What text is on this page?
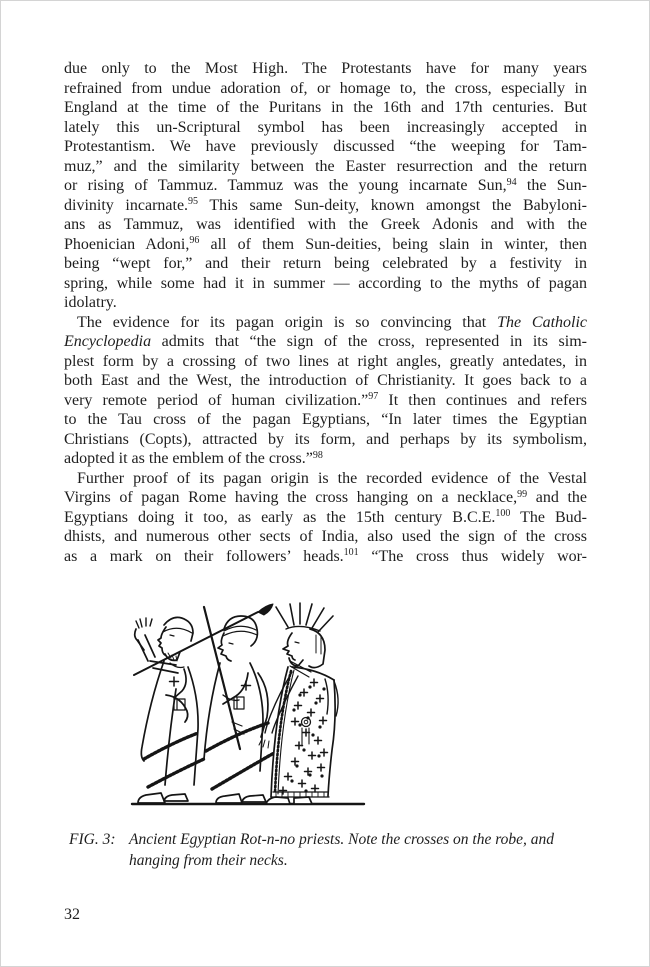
due only to the Most High. The Protestants have for many years
refrained from undue adoration of, or homage to, the cross, especially in
England at the time of the Puritans in the 16th and 17th centuries. But
lately this un-Scriptural symbol has been increasingly accepted in
Protestantism. We have previously discussed “the weeping for Tam-
muz,” and the similarity between the Easter resurrection and the return
or rising of Tammuz. Tammuz was the young incarnate Sun,$^{94}$ the Sun-
divinity incarnate.$^{95}$ This same Sun-deity, known amongst the Babyloni-
ans as Tammuz, was identified with the Greek Adonis and with the
Phoenician Adoni,$^{96}$ all of them Sun-deities, being slain in winter, then
being “wept for,” and their return being celebrated by a festivity in
spring, while some had it in summer — according to the myths of pagan
idolatry.
The evidence for its pagan origin is so convincing that The Catholic
Encyclopedia admits that “the sign of the cross, represented in its sim-
plest form by a crossing of two lines at right angles, greatly antedates, in
both East and the West, the introduction of Christianity. It goes back to a
very remote period of human civilization.”$^{97}$ It then continues and refers
to the Tau cross of the pagan Egyptians, “In later times the Egyptian
Christians (Copts), attracted by its form, and perhaps by its symbolism,
adopted it as the emblem of the cross.”$^{98}$
Further proof of its pagan origin is the recorded evidence of the Vestal
Virgins of pagan Rome having the cross hanging on a necklace,$^{99}$ and the
Egyptians doing it too, as early as the 15th century B.C.E.$^{100}$ The Bud-
dhists, and numerous other sects of India, also used the sign of the cross
as a mark on their followers’ heads.$^{101}$ “The cross thus widely wor-
FIG. 3: Ancient Egyptian Rot-n-no priests. Note the crosses on the robe, and
hanging from their necks.
32
